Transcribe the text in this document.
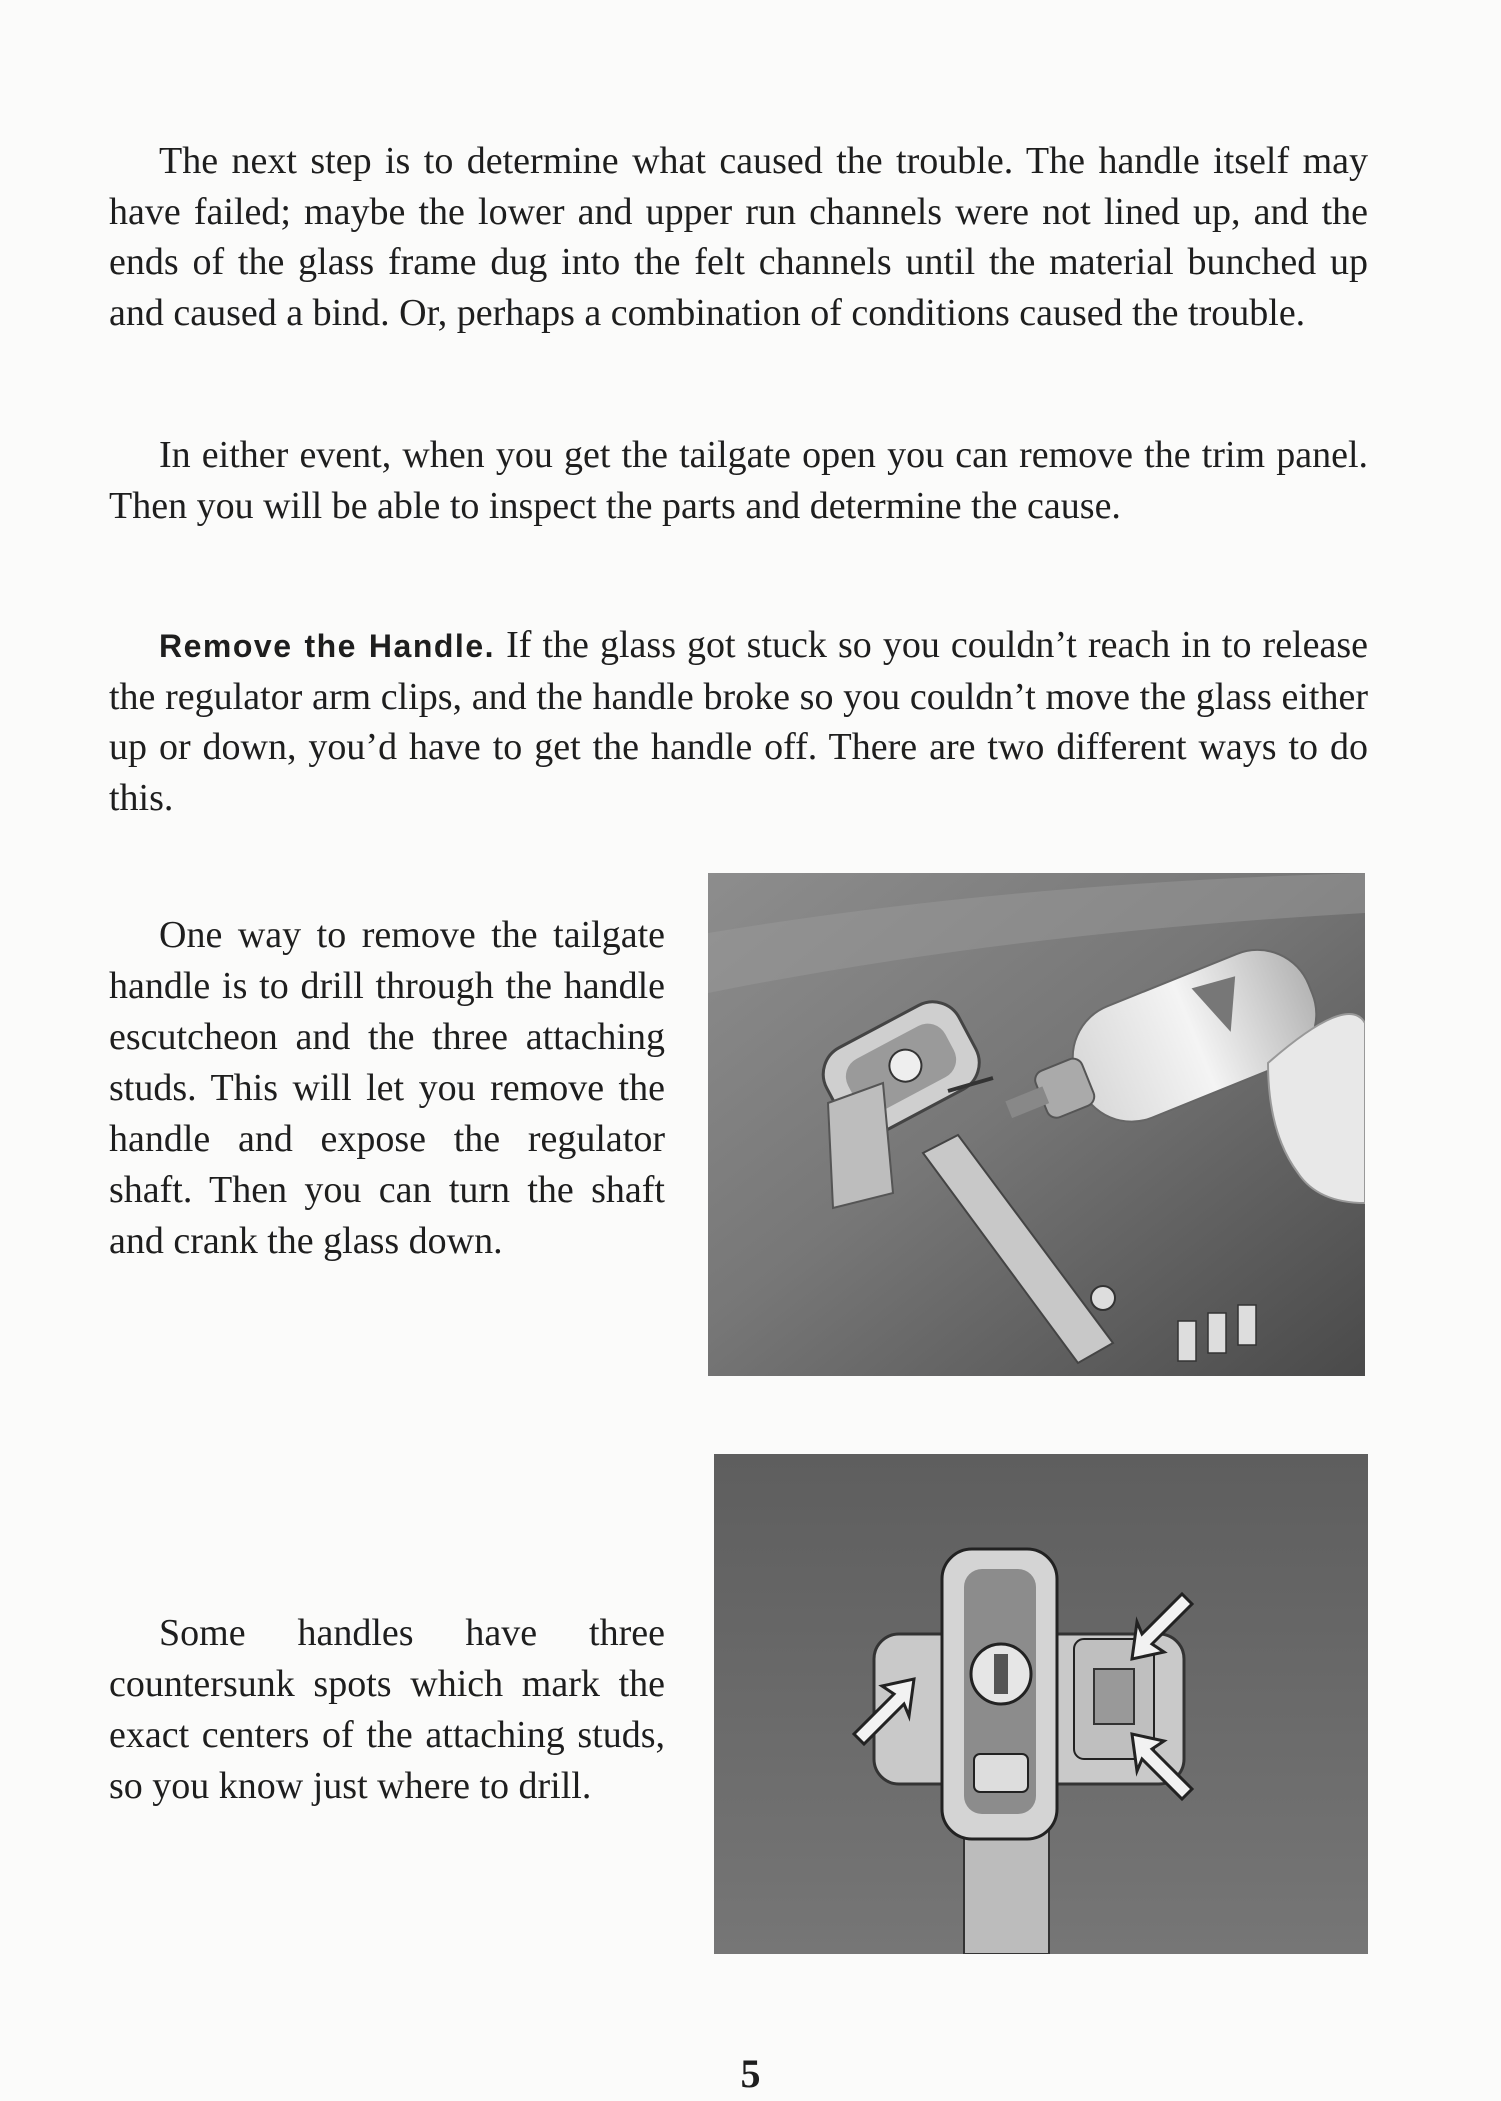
The next step is to determine what caused the trouble. The handle itself may have failed; maybe the lower and upper run channels were not lined up, and the ends of the glass frame dug into the felt channels until the material bunched up and caused a bind. Or, perhaps a combination of conditions caused the trouble.

In either event, when you get the tailgate open you can remove the trim panel. Then you will be able to inspect the parts and determine the cause.

Remove the Handle. If the glass got stuck so you couldn’t reach in to release the regulator arm clips, and the handle broke so you couldn’t move the glass either up or down, you’d have to get the handle off. There are two different ways to do this.

One way to remove the tailgate handle is to drill through the handle escutcheon and the three attaching studs. This will let you remove the handle and expose the regulator shaft. Then you can turn the shaft and crank the glass down.

Some handles have three countersunk spots which mark the exact centers of the attaching studs, so you know just where to drill.

5
